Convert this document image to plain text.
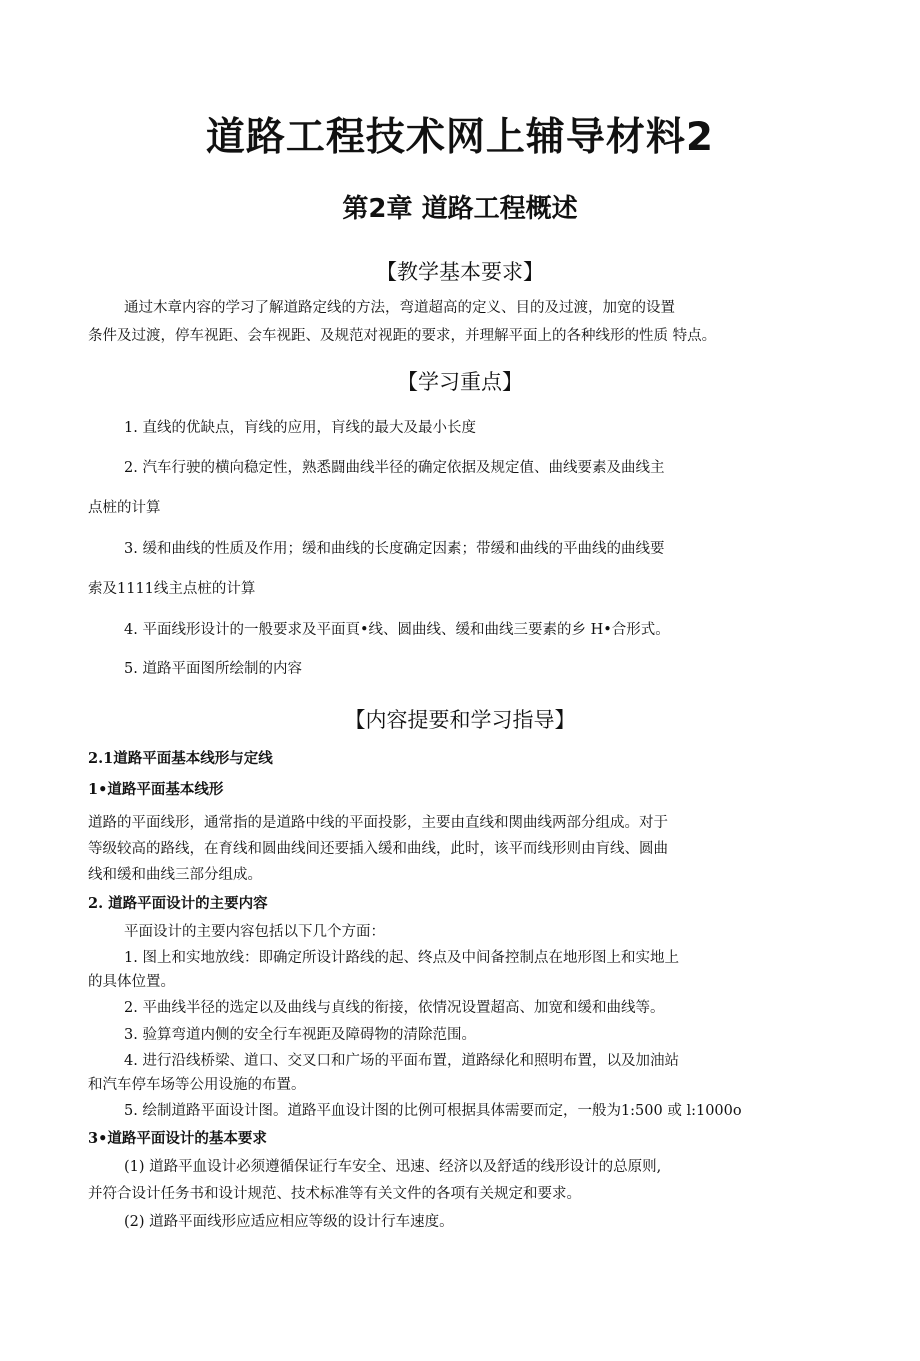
道路工程技术网上辅导材料2
第2章 道路工程概述
【教学基本要求】
通过木章内容的学习了解道路定线的方法，弯道超高的定义、目的及过渡，加宽的设置
条件及过渡，停车视距、会车视距、及规范对视距的要求，并理解平面上的各种线形的性质 特点。
【学习重点】
1. 直线的优缺点，肓线的应用，肓线的最大及最小长度
2. 汽车行驶的横向稳定性，熟悉闘曲线半径的确定依据及规定值、曲线要素及曲线主
点桩的计算
3. 缓和曲线的性质及作用；缓和曲线的长度确定因素；带缓和曲线的平曲线的曲线要
索及1111线主点桩的计算
4. 平面线形设计的一般要求及平面頁•线、圆曲线、缓和曲线三要素的乡 H•合形式。
5. 道路平面图所绘制的内容
【内容提要和学习指导】
2.1道路平面基本线形与定线
1•道路平面基本线形
道路的平面线形，通常指的是道路中线的平面投影，主要由直线和関曲线两部分组成。对于
等级较高的路线，在育线和圆曲线间还要插入缓和曲线，此时，该平而线形则由肓线、圆曲
线和缓和曲线三部分组成。
2. 道路平面设计的主要内容
平面设计的主要内容包括以下几个方面：
1. 图上和实地放线：即确定所设计路线的起、终点及中间备控制点在地形图上和实地上
的具体位置。
2. 平曲线半径的选定以及曲线与貞线的衔接，依情况设置超高、加宽和缓和曲线等。
3. 验算弯道内侧的安全行车视距及障碍物的清除范围。
4. 进行沿线桥梁、道口、交叉口和广场的平面布置，道路绿化和照明布置，以及加油站
和汽车停车场等公用设施的布置。
5. 绘制道路平面设计图。道路平血设计图的比例可根据具体需要而定，一般为1:500 或 l:1000o
3•道路平面设计的基本要求
(1) 道路平血设计必须遵循保证行车安全、迅速、经济以及舒适的线形设计的总原则,
并符合设计任务书和设计规范、技术标准等有关文件的各项有关规定和要求。
(2) 道路平面线形应适应相应等级的设计行车速度。
